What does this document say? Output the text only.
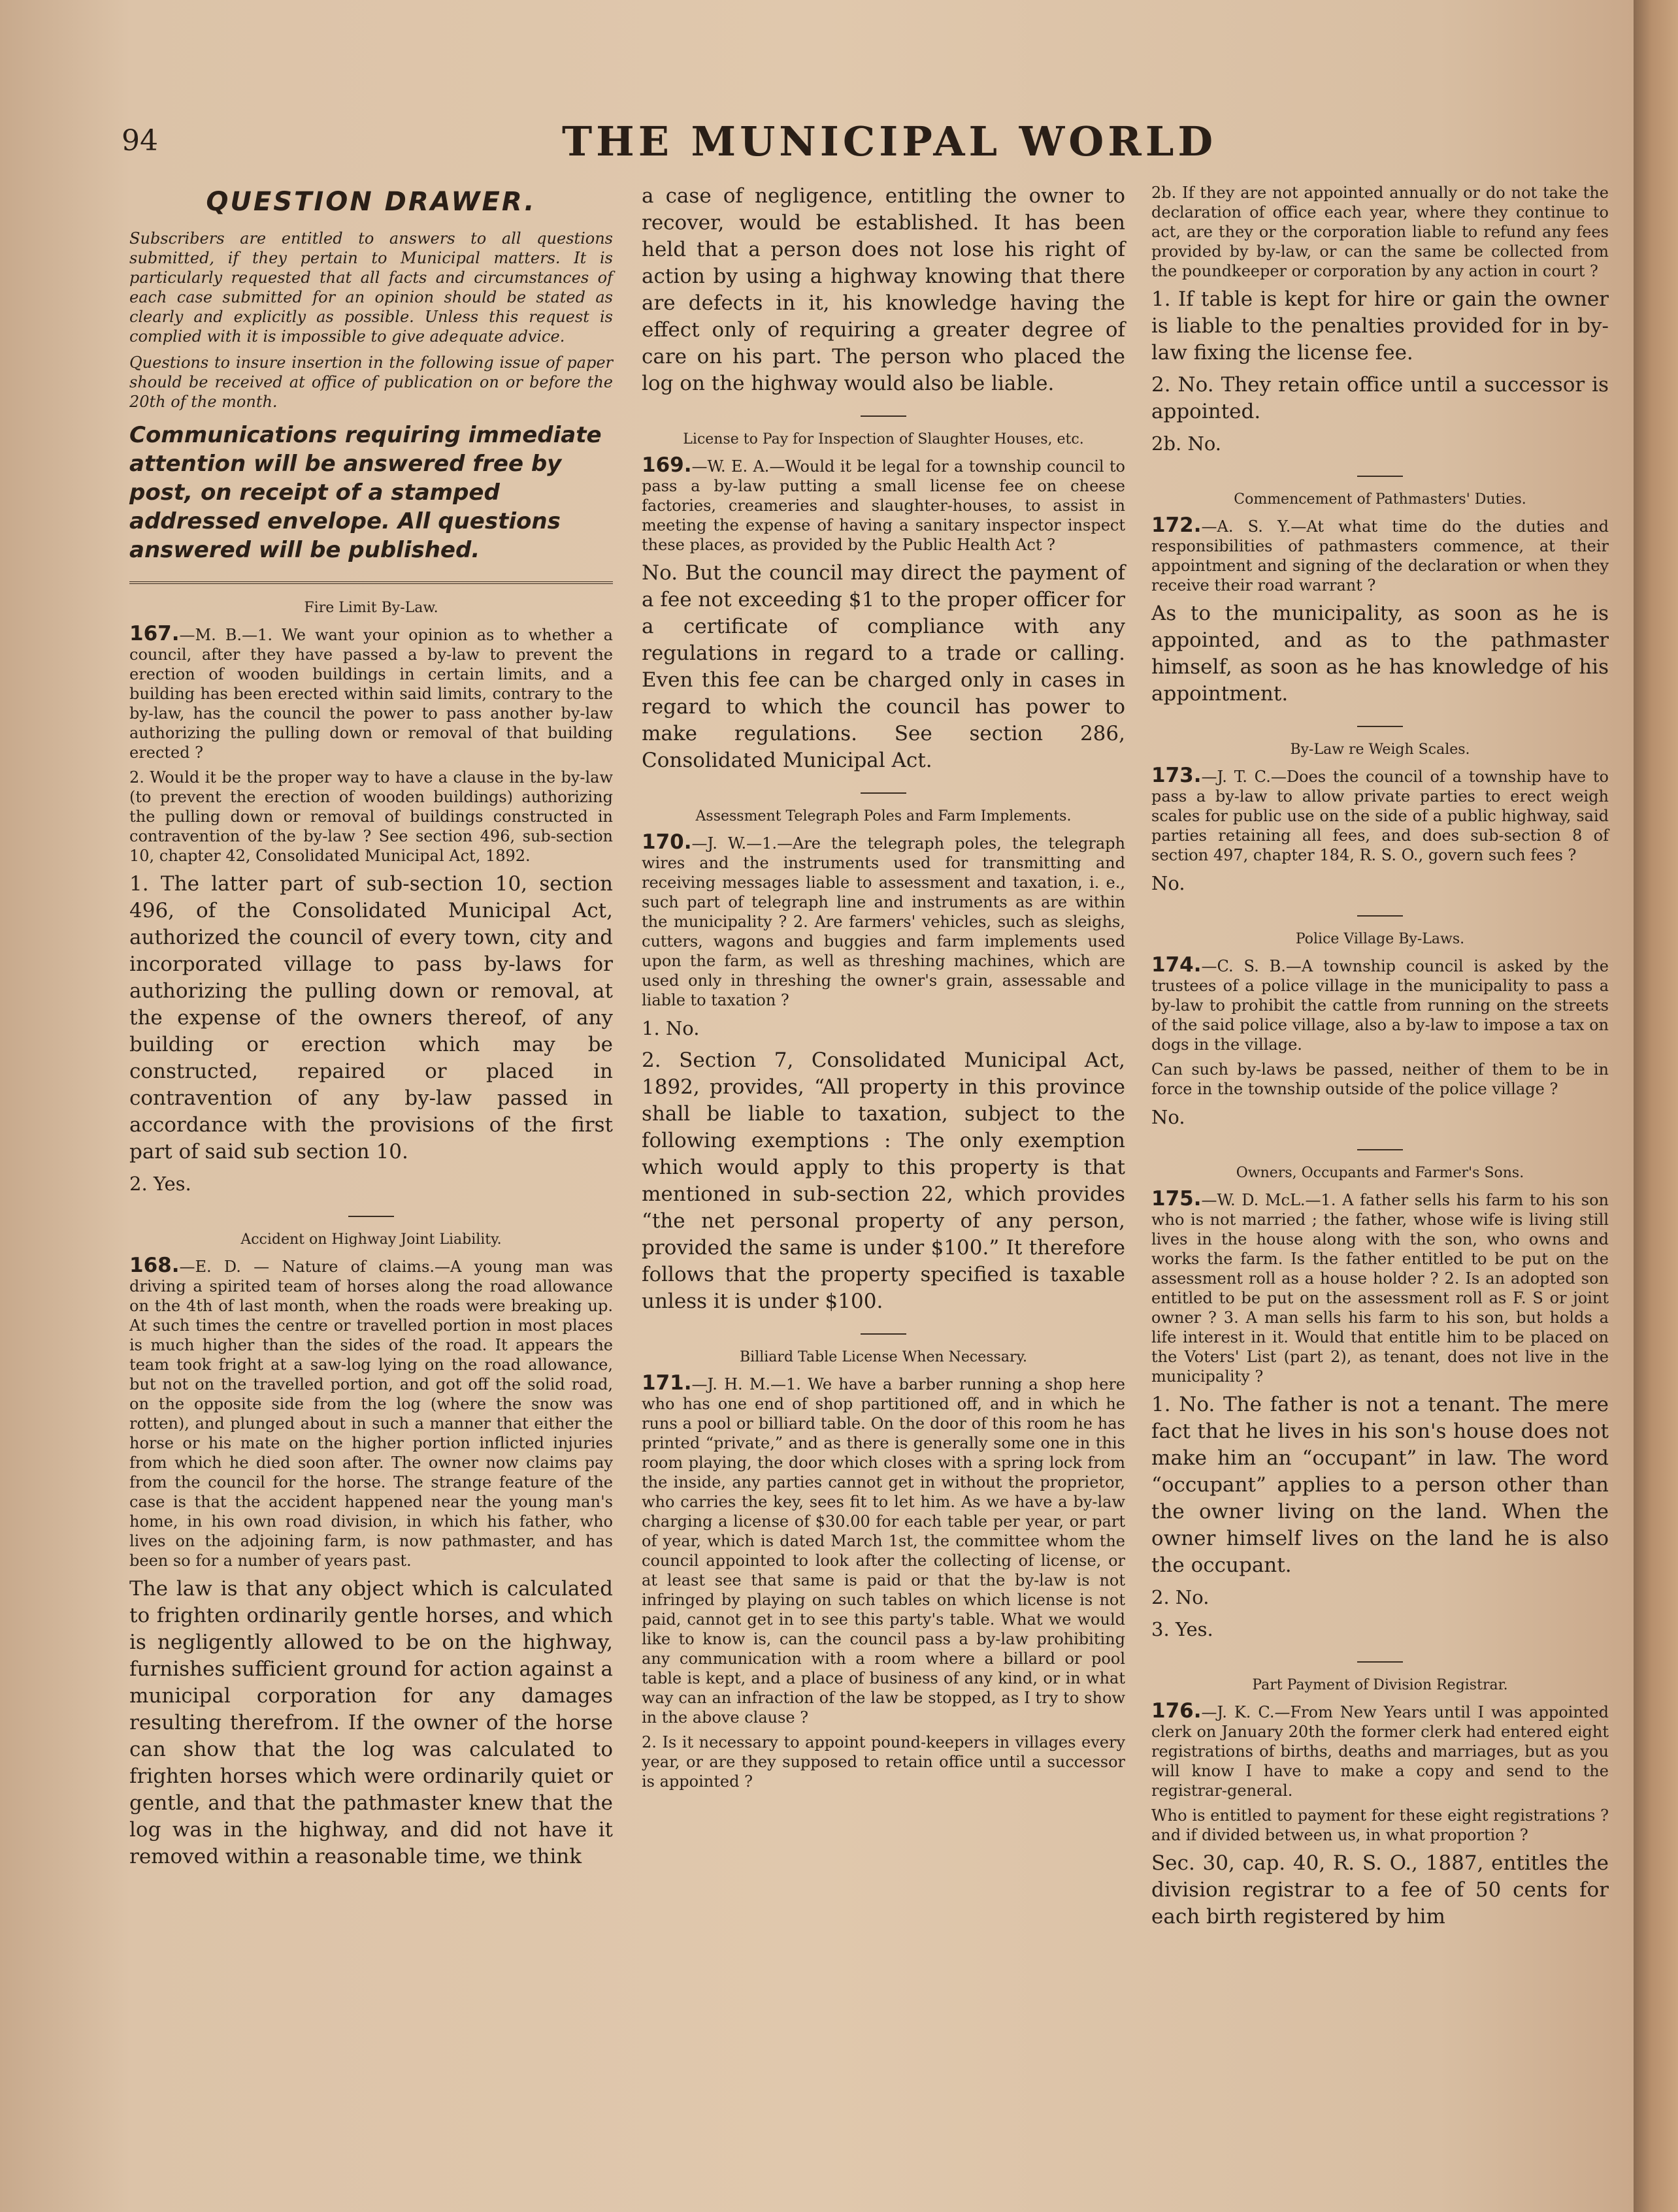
94	THE MUNICIPAL WORLD
QUESTION DRAWER.

Subscribers are entitled to answers to all questions submitted, if they pertain to Municipal matters. It is particularly requested that all facts and circumstances of each case submitted for an opinion should be stated as clearly and explicitly as possible. Unless this request is complied with it is impossible to give adequate advice.

Questions to insure insertion in the following issue of paper should be received at office of publication on or before the 20th of the month.

Communications requiring immediate attention will be answered free by post, on receipt of a stamped addressed envelope. All questions answered will be published.
Fire Limit By-Law.

167.—M. B.—1. We want your opinion as to whether a council, after they have passed a by-law to prevent the erection of wooden buildings in certain limits, and a building has been erected within said limits, contrary to the by-law, has the council the power to pass another by-law authorizing the pulling down or removal of that building erected ?

2. Would it be the proper way to have a clause in the by-law (to prevent the erection of wooden buildings) authorizing the pulling down or removal of buildings constructed in contravention of the by-law ? See section 496, sub-section 10, chapter 42, Consolidated Municipal Act, 1892.

1. The latter part of sub-section 10, section 496, of the Consolidated Municipal Act, authorized the council of every town, city and incorporated village to pass by-laws for authorizing the pulling down or removal, at the expense of the owners thereof, of any building or erection which may be constructed, repaired or placed in contravention of any by-law passed in accordance with the provisions of the first part of said sub section 10.

2. Yes.

Accident on Highway Joint Liability.

168.—E. D. — Nature of claims.—A young man was driving a spirited team of horses along the road allowance on the 4th of last month, when the roads were breaking up. At such times the centre or travelled portion in most places is much higher than the sides of the road. It appears the team took fright at a saw-log lying on the road allowance, but not on the travelled portion, and got off the solid road, on the opposite side from the log (where the snow was rotten), and plunged about in such a manner that either the horse or his mate on the higher portion inflicted injuries from which he died soon after. The owner now claims pay from the council for the horse. The strange feature of the case is that the accident happened near the young man's home, in his own road division, in which his father, who lives on the adjoining farm, is now pathmaster, and has been so for a number of years past.

The law is that any object which is calculated to frighten ordinarily gentle horses, and which is negligently allowed to be on the highway, furnishes sufficient ground for action against a municipal corporation for any damages resulting therefrom. If the owner of the horse can show that the log was calculated to frighten horses which were ordinarily quiet or gentle, and that the pathmaster knew that the log was in the highway, and did not have it removed within a reasonable time, we think

a case of negligence, entitling the owner to recover, would be established. It has been held that a person does not lose his right of action by using a highway knowing that there are defects in it, his knowledge having the effect only of requiring a greater degree of care on his part. The person who placed the log on the highway would also be liable.

License to Pay for Inspection of Slaughter Houses, etc.

169.—W. E. A.—Would it be legal for a township council to pass a by-law putting a small license fee on cheese factories, creameries and slaughter-houses, to assist in meeting the expense of having a sanitary inspector inspect these places, as provided by the Public Health Act ?

No. But the council may direct the payment of a fee not exceeding $1 to the proper officer for a certificate of compliance with any regulations in regard to a trade or calling. Even this fee can be charged only in cases in regard to which the council has power to make regulations. See section 286, Consolidated Municipal Act.

Assessment Telegraph Poles and Farm Implements.

170.—J. W.—1.—Are the telegraph poles, the telegraph wires and the instruments used for transmitting and receiving messages liable to assessment and taxation, i. e., such part of telegraph line and instruments as are within the municipality ? 2. Are farmers' vehicles, such as sleighs, cutters, wagons and buggies and farm implements used upon the farm, as well as threshing machines, which are used only in threshing the owner's grain, assessable and liable to taxation ?

1. No.

2. Section 7, Consolidated Municipal Act, 1892, provides, “All property in this province shall be liable to taxation, subject to the following exemptions : The only exemption which would apply to this property is that mentioned in sub-section 22, which provides “the net personal property of any person, provided the same is under $100.” It therefore follows that the property specified is taxable unless it is under $100.

Billiard Table License When Necessary.

171.—J. H. M.—1. We have a barber running a shop here who has one end of shop partitioned off, and in which he runs a pool or billiard table. On the door of this room he has printed “private,” and as there is generally some one in this room playing, the door which closes with a spring lock from the inside, any parties cannot get in without the proprietor, who carries the key, sees fit to let him. As we have a by-law charging a license of $30.00 for each table per year, or part of year, which is dated March 1st, the committee whom the council appointed to look after the collecting of license, or at least see that same is paid or that the by-law is not infringed by playing on such tables on which license is not paid, cannot get in to see this party's table. What we would like to know is, can the council pass a by-law prohibiting any communication with a room where a billard or pool table is kept, and a place of business of any kind, or in what way can an infraction of the law be stopped, as I try to show in the above clause ?

2. Is it necessary to appoint pound-keepers in villages every year, or are they supposed to retain office until a successor is appointed ?

2b. If they are not appointed annually or do not take the declaration of office each year, where they continue to act, are they or the corporation liable to refund any fees provided by by-law, or can the same be collected from the poundkeeper or corporation by any action in court ?

1. If table is kept for hire or gain the owner is liable to the penalties provided for in by-law fixing the license fee.

2. No. They retain office until a successor is appointed.

2b. No.

Commencement of Pathmasters' Duties.

172.—A. S. Y.—At what time do the duties and responsibilities of pathmasters commence, at their appointment and signing of the declaration or when they receive their road warrant ?

As to the municipality, as soon as he is appointed, and as to the pathmaster himself, as soon as he has knowledge of his appointment.

By-Law re Weigh Scales.

173.—J. T. C.—Does the council of a township have to pass a by-law to allow private parties to erect weigh scales for public use on the side of a public highway, said parties retaining all fees, and does sub-section 8 of section 497, chapter 184, R. S. O., govern such fees ?

No.

Police Village By-Laws.

174.—C. S. B.—A township council is asked by the trustees of a police village in the municipality to pass a by-law to prohibit the cattle from running on the streets of the said police village, also a by-law to impose a tax on dogs in the village.

Can such by-laws be passed, neither of them to be in force in the township outside of the police village ?

No.

Owners, Occupants and Farmer's Sons.

175.—W. D. McL.—1. A father sells his farm to his son who is not married ; the father, whose wife is living still lives in the house along with the son, who owns and works the farm. Is the father entitled to be put on the assessment roll as a house holder ? 2. Is an adopted son entitled to be put on the assessment roll as F. S or joint owner ? 3. A man sells his farm to his son, but holds a life interest in it. Would that entitle him to be placed on the Voters' List (part 2), as tenant, does not live in the municipality ?

1. No. The father is not a tenant. The mere fact that he lives in his son's house does not make him an “occupant” in law. The word “occupant” applies to a person other than the owner living on the land. When the owner himself lives on the land he is also the occupant.

2. No.

3. Yes.

Part Payment of Division Registrar.

176.—J. K. C.—From New Years until I was appointed clerk on January 20th the former clerk had entered eight registrations of births, deaths and marriages, but as you will know I have to make a copy and send to the registrar-general.

Who is entitled to payment for these eight registrations ? and if divided between us, in what proportion ?

Sec. 30, cap. 40, R. S. O., 1887, entitles the division registrar to a fee of 50 cents for each birth registered by him
